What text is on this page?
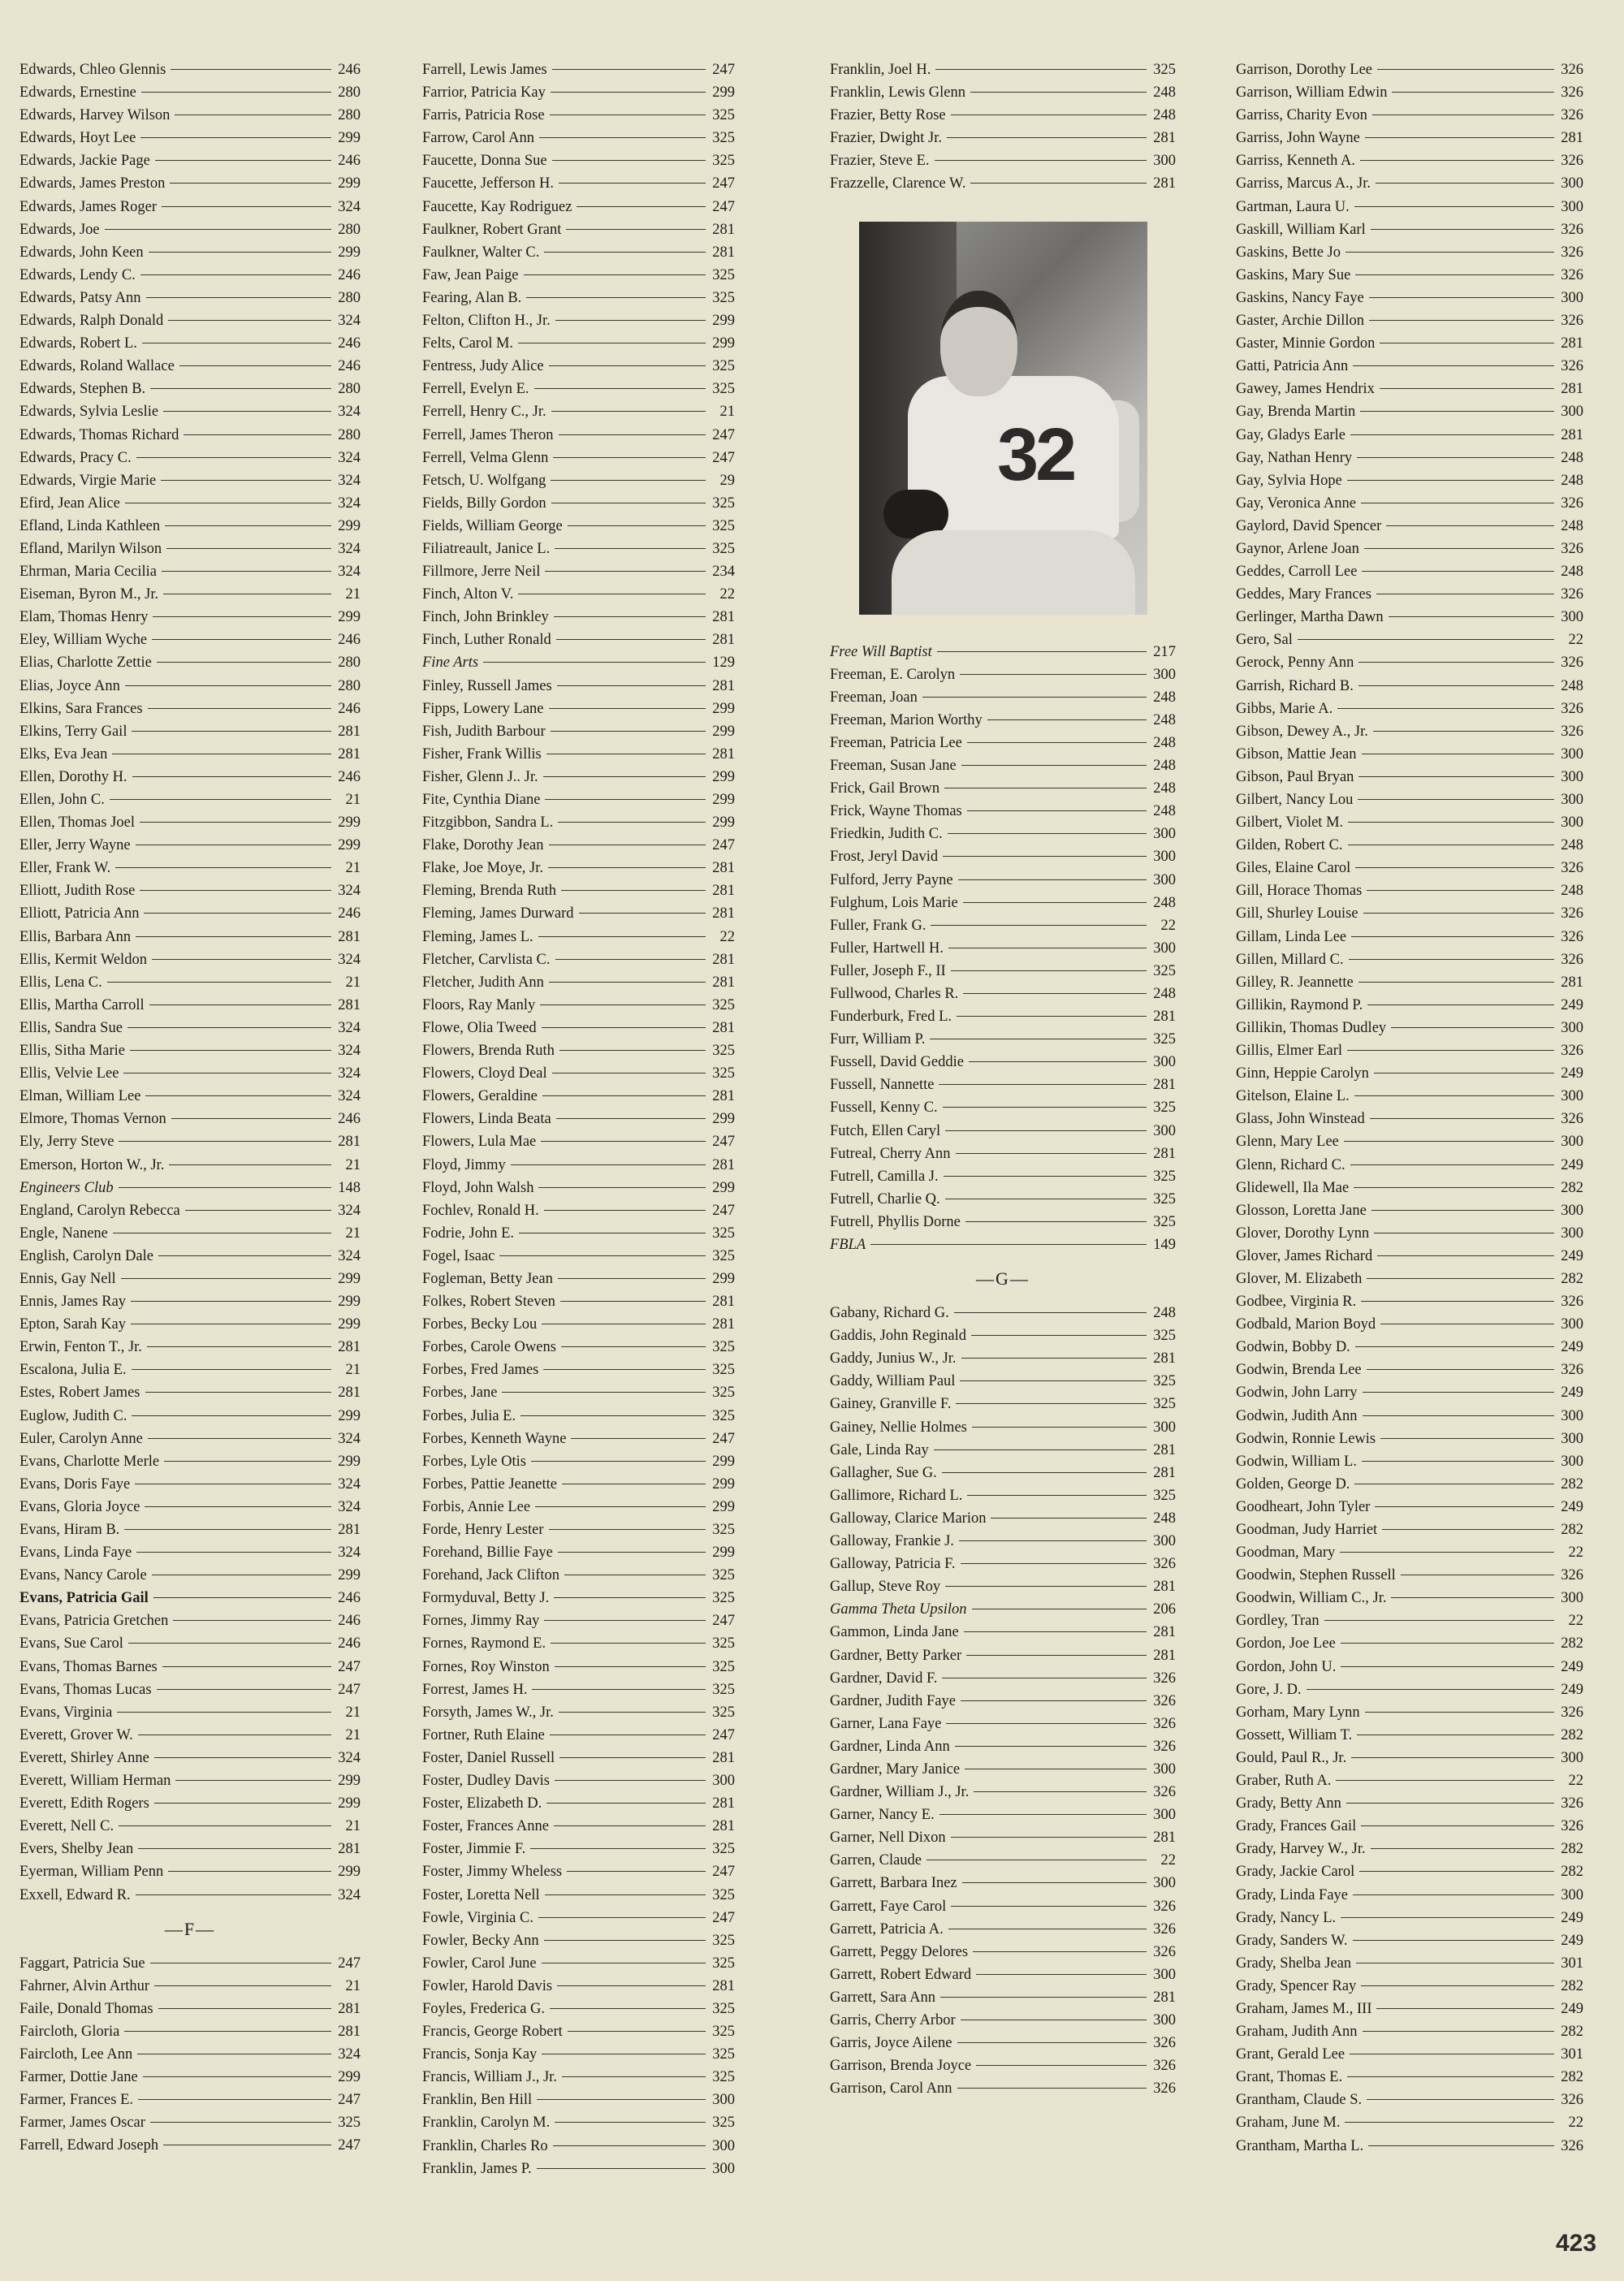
Edwards, Chleo Glennis	246
Edwards, Ernestine	280
Edwards, Harvey Wilson	280
Edwards, Hoyt Lee	299
Edwards, Jackie Page	246
Edwards, James Preston	299
Edwards, James Roger	324
Edwards, Joe	280
Edwards, John Keen	299
Edwards, Lendy C.	246
Edwards, Patsy Ann	280
Edwards, Ralph Donald	324
Edwards, Robert L.	246
Edwards, Roland Wallace	246
Edwards, Stephen B.	280
Edwards, Sylvia Leslie	324
Edwards, Thomas Richard	280
Edwards, Pracy C.	324
Edwards, Virgie Marie	324
Efird, Jean Alice	324
Efland, Linda Kathleen	299
Efland, Marilyn Wilson	324
Ehrman, Maria Cecilia	324
Eiseman, Byron M., Jr.	21
Elam, Thomas Henry	299
Eley, William Wyche	246
Elias, Charlotte Zettie	280
Elias, Joyce Ann	280
Elkins, Sara Frances	246
Elkins, Terry Gail	281
Elks, Eva Jean	281
Ellen, Dorothy H.	246
Ellen, John C.	21
Ellen, Thomas Joel	299
Eller, Jerry Wayne	299
Eller, Frank W.	21
Elliott, Judith Rose	324
Elliott, Patricia Ann	246
Ellis, Barbara Ann	281
Ellis, Kermit Weldon	324
Ellis, Lena C.	21
Ellis, Martha Carroll	281
Ellis, Sandra Sue	324
Ellis, Sitha Marie	324
Ellis, Velvie Lee	324
Elman, William Lee	324
Elmore, Thomas Vernon	246
Ely, Jerry Steve	281
Emerson, Horton W., Jr.	21
Engineers Club	148
England, Carolyn Rebecca	324
Engle, Nanene	21
English, Carolyn Dale	324
Ennis, Gay Nell	299
Ennis, James Ray	299
Epton, Sarah Kay	299
Erwin, Fenton T., Jr.	281
Escalona, Julia E.	21
Estes, Robert James	281
Euglow, Judith C.	299
Euler, Carolyn Anne	324
Evans, Charlotte Merle	299
Evans, Doris Faye	324
Evans, Gloria Joyce	324
Evans, Hiram B.	281
Evans, Linda Faye	324
Evans, Nancy Carole	299
Evans, Patricia Gail	246
Evans, Patricia Gretchen	246
Evans, Sue Carol	246
Evans, Thomas Barnes	247
Evans, Thomas Lucas	247
Evans, Virginia	21
Everett, Grover W.	21
Everett, Shirley Anne	324
Everett, William Herman	299
Everett, Edith Rogers	299
Everett, Nell C.	21
Evers, Shelby Jean	281
Eyerman, William Penn	299
Exxell, Edward R.	324
—F—
Faggart, Patricia Sue	247
Fahrner, Alvin Arthur	21
Faile, Donald Thomas	281
Faircloth, Gloria	281
Faircloth, Lee Ann	324
Farmer, Dottie Jane	299
Farmer, Frances E.	247
Farmer, James Oscar	325
Farrell, Edward Joseph	247
Farrell, Lewis James	247
Farrior, Patricia Kay	299
Farris, Patricia Rose	325
Farrow, Carol Ann	325
Faucette, Donna Sue	325
Faucette, Jefferson H.	247
Faucette, Kay Rodriguez	247
Faulkner, Robert Grant	281
Faulkner, Walter C.	281
Faw, Jean Paige	325
Fearing, Alan B.	325
Felton, Clifton H., Jr.	299
Felts, Carol M.	299
Fentress, Judy Alice	325
Ferrell, Evelyn E.	325
Ferrell, Henry C., Jr.	21
Ferrell, James Theron	247
Ferrell, Velma Glenn	247
Fetsch, U. Wolfgang	29
Fields, Billy Gordon	325
Fields, William George	325
Filiatreault, Janice L.	325
Fillmore, Jerre Neil	234
Finch, Alton V.	22
Finch, John Brinkley	281
Finch, Luther Ronald	281
Fine Arts	129
Finley, Russell James	281
Fipps, Lowery Lane	299
Fish, Judith Barbour	299
Fisher, Frank Willis	281
Fisher, Glenn J.. Jr.	299
Fite, Cynthia Diane	299
Fitzgibbon, Sandra L.	299
Flake, Dorothy Jean	247
Flake, Joe Moye, Jr.	281
Fleming, Brenda Ruth	281
Fleming, James Durward	281
Fleming, James L.	22
Fletcher, Carvlista C.	281
Fletcher, Judith Ann	281
Floors, Ray Manly	325
Flowe, Olia Tweed	281
Flowers, Brenda Ruth	325
Flowers, Cloyd Deal	325
Flowers, Geraldine	281
Flowers, Linda Beata	299
Flowers, Lula Mae	247
Floyd, Jimmy	281
Floyd, John Walsh	299
Fochlev, Ronald H.	247
Fodrie, John E.	325
Fogel, Isaac	325
Fogleman, Betty Jean	299
Folkes, Robert Steven	281
Forbes, Becky Lou	281
Forbes, Carole Owens	325
Forbes, Fred James	325
Forbes, Jane	325
Forbes, Julia E.	325
Forbes, Kenneth Wayne	247
Forbes, Lyle Otis	299
Forbes, Pattie Jeanette	299
Forbis, Annie Lee	299
Forde, Henry Lester	325
Forehand, Billie Faye	299
Forehand, Jack Clifton	325
Formyduval, Betty J.	325
Fornes, Jimmy Ray	247
Fornes, Raymond E.	325
Fornes, Roy Winston	325
Forrest, James H.	325
Forsyth, James W., Jr.	325
Fortner, Ruth Elaine	247
Foster, Daniel Russell	281
Foster, Dudley Davis	300
Foster, Elizabeth D.	281
Foster, Frances Anne	281
Foster, Jimmie F.	325
Foster, Jimmy Wheless	247
Foster, Loretta Nell	325
Fowle, Virginia C.	247
Fowler, Becky Ann	325
Fowler, Carol June	325
Fowler, Harold Davis	281
Foyles, Frederica G.	325
Francis, George Robert	325
Francis, Sonja Kay	325
Francis, William J., Jr.	325
Franklin, Ben Hill	300
Franklin, Carolyn M.	325
Franklin, Charles Ro	300
Franklin, James P.	300
Franklin, Joel H.	325
Franklin, Lewis Glenn	248
Frazier, Betty Rose	248
Frazier, Dwight Jr.	281
Frazier, Steve E.	300
Frazzelle, Clarence W.	281
32
Free Will Baptist	217
Freeman, E. Carolyn	300
Freeman, Joan	248
Freeman, Marion Worthy	248
Freeman, Patricia Lee	248
Freeman, Susan Jane	248
Frick, Gail Brown	248
Frick, Wayne Thomas	248
Friedkin, Judith C.	300
Frost, Jeryl David	300
Fulford, Jerry Payne	300
Fulghum, Lois Marie	248
Fuller, Frank G.	22
Fuller, Hartwell H.	300
Fuller, Joseph F., II	325
Fullwood, Charles R.	248
Funderburk, Fred L.	281
Furr, William P.	325
Fussell, David Geddie	300
Fussell, Nannette	281
Fussell, Kenny C.	325
Futch, Ellen Caryl	300
Futreal, Cherry Ann	281
Futrell, Camilla J.	325
Futrell, Charlie Q.	325
Futrell, Phyllis Dorne	325
FBLA	149
—G—
Gabany, Richard G.	248
Gaddis, John Reginald	325
Gaddy, Junius W., Jr.	281
Gaddy, William Paul	325
Gainey, Granville F.	325
Gainey, Nellie Holmes	300
Gale, Linda Ray	281
Gallagher, Sue G.	281
Gallimore, Richard L.	325
Galloway, Clarice Marion	248
Galloway, Frankie J.	300
Galloway, Patricia F.	326
Gallup, Steve Roy	281
Gamma Theta Upsilon	206
Gammon, Linda Jane	281
Gardner, Betty Parker	281
Gardner, David F.	326
Gardner, Judith Faye	326
Garner, Lana Faye	326
Gardner, Linda Ann	326
Gardner, Mary Janice	300
Gardner, William J., Jr.	326
Garner, Nancy E.	300
Garner, Nell Dixon	281
Garren, Claude	22
Garrett, Barbara Inez	300
Garrett, Faye Carol	326
Garrett, Patricia A.	326
Garrett, Peggy Delores	326
Garrett, Robert Edward	300
Garrett, Sara Ann	281
Garris, Cherry Arbor	300
Garris, Joyce Ailene	326
Garrison, Brenda Joyce	326
Garrison, Carol Ann	326
Garrison, Dorothy Lee	326
Garrison, William Edwin	326
Garriss, Charity Evon	326
Garriss, John Wayne	281
Garriss, Kenneth A.	326
Garriss, Marcus A., Jr.	300
Gartman, Laura U.	300
Gaskill, William Karl	326
Gaskins, Bette Jo	326
Gaskins, Mary Sue	326
Gaskins, Nancy Faye	300
Gaster, Archie Dillon	326
Gaster, Minnie Gordon	281
Gatti, Patricia Ann	326
Gawey, James Hendrix	281
Gay, Brenda Martin	300
Gay, Gladys Earle	281
Gay, Nathan Henry	248
Gay, Sylvia Hope	248
Gay, Veronica Anne	326
Gaylord, David Spencer	248
Gaynor, Arlene Joan	326
Geddes, Carroll Lee	248
Geddes, Mary Frances	326
Gerlinger, Martha Dawn	300
Gero, Sal	22
Gerock, Penny Ann	326
Garrish, Richard B.	248
Gibbs, Marie A.	326
Gibson, Dewey A., Jr.	326
Gibson, Mattie Jean	300
Gibson, Paul Bryan	300
Gilbert, Nancy Lou	300
Gilbert, Violet M.	300
Gilden, Robert C.	248
Giles, Elaine Carol	326
Gill, Horace Thomas	248
Gill, Shurley Louise	326
Gillam, Linda Lee	326
Gillen, Millard C.	326
Gilley, R. Jeannette	281
Gillikin, Raymond P.	249
Gillikin, Thomas Dudley	300
Gillis, Elmer Earl	326
Ginn, Heppie Carolyn	249
Gitelson, Elaine L.	300
Glass, John Winstead	326
Glenn, Mary Lee	300
Glenn, Richard C.	249
Glidewell, Ila Mae	282
Glosson, Loretta Jane	300
Glover, Dorothy Lynn	300
Glover, James Richard	249
Glover, M. Elizabeth	282
Godbee, Virginia R.	326
Godbald, Marion Boyd	300
Godwin, Bobby D.	249
Godwin, Brenda Lee	326
Godwin, John Larry	249
Godwin, Judith Ann	300
Godwin, Ronnie Lewis	300
Godwin, William L.	300
Golden, George D.	282
Goodheart, John Tyler	249
Goodman, Judy Harriet	282
Goodman, Mary	22
Goodwin, Stephen Russell	326
Goodwin, William C., Jr.	300
Gordley, Tran	22
Gordon, Joe Lee	282
Gordon, John U.	249
Gore, J. D.	249
Gorham, Mary Lynn	326
Gossett, William T.	282
Gould, Paul R., Jr.	300
Graber, Ruth A.	22
Grady, Betty Ann	326
Grady, Frances Gail	326
Grady, Harvey W., Jr.	282
Grady, Jackie Carol	282
Grady, Linda Faye	300
Grady, Nancy L.	249
Grady, Sanders W.	249
Grady, Shelba Jean	301
Grady, Spencer Ray	282
Graham, James M., III	249
Graham, Judith Ann	282
Grant, Gerald Lee	301
Grant, Thomas E.	282
Grantham, Claude S.	326
Graham, June M.	22
Grantham, Martha L.	326
423
